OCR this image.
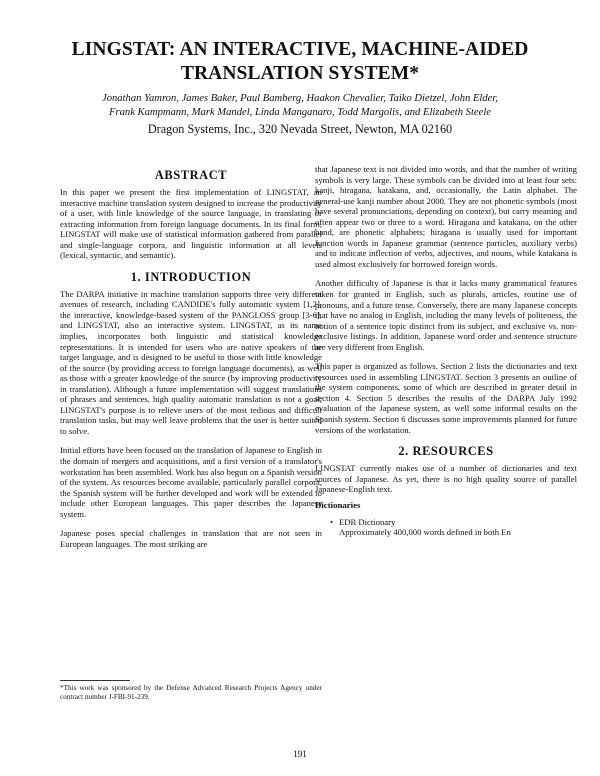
LINGSTAT: AN INTERACTIVE, MACHINE-AIDED
TRANSLATION SYSTEM*
Jonathan Yamron, James Baker, Paul Bamberg, Haakon Chevalier, Taiko Dietzel, John Elder,
Frank Kampmann, Mark Mandel, Linda Manganaro, Todd Margolis, and Elizabeth Steele
Dragon Systems, Inc., 320 Nevada Street, Newton, MA 02160
ABSTRACT

In this paper we present the first implementation of LINGSTAT, an interactive machine translation system designed to increase the productivity of a user, with little knowledge of the source language, in translating or extracting information from foreign language documents. In its final form, LINGSTAT will make use of statistical information gathered from parallel and single-language corpora, and linguistic information at all levels (lexical, syntactic, and semantic).

1. INTRODUCTION

The DARPA initiative in machine translation supports three very different avenues of research, including CANDIDE's fully automatic system [1,2], the interactive, knowledge-based system of the PANGLOSS group [3-6], and LINGSTAT, also an interactive system. LINGSTAT, as its name implies, incorporates both linguistic and statistical knowledge representations. It is intended for users who are native speakers of the target language, and is designed to be useful to those with little knowledge of the source (by providing access to foreign language documents), as well as those with a greater knowledge of the source (by improving productivity in translation). Although a future implementation will suggest translations of phrases and sentences, high quality automatic translation is not a goal; LINGSTAT's purpose is to relieve users of the most tedious and difficult translation tasks, but may well leave problems that the user is better suited to solve.

Initial efforts have been focused on the translation of Japanese to English in the domain of mergers and acquisitions, and a first version of a translator's workstation has been assembled. Work has also begun on a Spanish version of the system. As resources become available, particularly parallel corpora, the Spanish system will be further developed and work will be extended to include other European languages. This paper describes the Japanese system.

Japanese poses special challenges in translation that are not seen in European languages. The most striking are

*This work was sponsored by the Defense Advanced Research Projects Agency under contract number J-FBI-91-239.

that Japanese text is not divided into words, and that the number of writing symbols is very large. These symbols can be divided into at least four sets: kanji, hiragana, katakana, and, occasionally, the Latin alphabet. The general-use kanji number about 2000. They are not phonetic symbols (most have several pronunciations, depending on context), but carry meaning and often appear two or three to a word. Hiragana and katakana, on the other hand, are phonetic alphabets; hiragana is usually used for important function words in Japanese grammar (sentence particles, auxiliary verbs) and to indicate inflection of verbs, adjectives, and nouns, while katakana is used almost exclusively for borrowed foreign words.

Another difficulty of Japanese is that it lacks many grammatical features taken for granted in English, such as plurals, articles, routine use of pronouns, and a future tense. Conversely, there are many Japanese concepts that have no analog in English, including the many levels of politeness, the notion of a sentence topic distinct from its subject, and exclusive vs. non-exclusive listings. In addition, Japanese word order and sentence structure are very different from English.

This paper is organized as follows. Section 2 lists the dictionaries and text resources used in assembling LINGSTAT. Section 3 presents an outline of the system components, some of which are described in greater detail in section 4. Section 5 describes the results of the DARPA July 1992 evaluation of the Japanese system, as well some informal results on the Spanish system. Section 6 discusses some improvements planned for future versions of the workstation.

2. RESOURCES

LINGSTAT currently makes use of a number of dictionaries and text sources of Japanese. As yet, there is no high quality source of parallel Japanese-English text.

Dictionaries

• EDR Dictionary

Approximately 400,000 words defined in both En

191
